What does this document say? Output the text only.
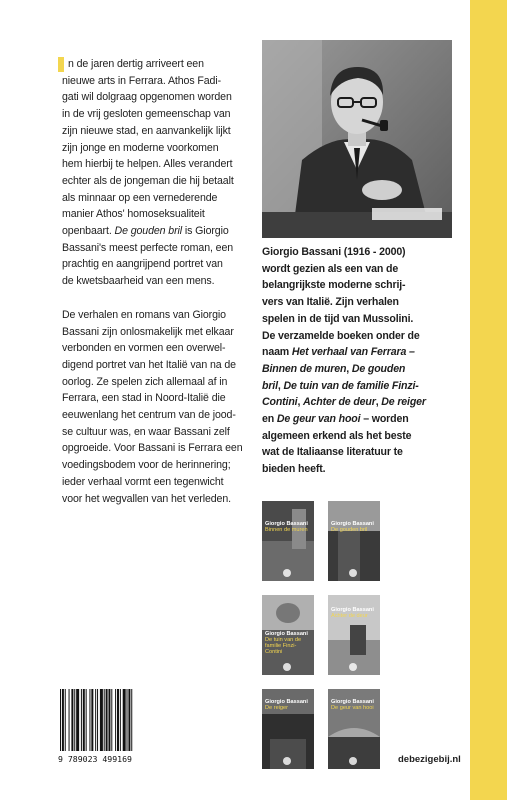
n de jaren dertig arriveert een
nieuwe arts in Ferrara. Athos Fadi-
gati wil dolgraag opgenomen worden
in de vrij gesloten gemeenschap van
zijn nieuwe stad, en aanvankelijk lijkt
zijn jonge en moderne voorkomen
hem hierbij te helpen. Alles verandert
echter als de jongeman die hij betaalt
als minnaar op een vernederende
manier Athos' homoseksualiteit
openbaart. De gouden bril is Giorgio
Bassani's meest perfecte roman, een
prachtig en aangrijpend portret van
de kwetsbaarheid van een mens.

De verhalen en romans van Giorgio
Bassani zijn onlosmakelijk met elkaar
verbonden en vormen een overwel-
digend portret van het Italië van na de
oorlog. Ze spelen zich allemaal af in
Ferrara, een stad in Noord-Italië die
eeuwenlang het centrum van de jood-
se cultuur was, en waar Bassani zelf
opgroeide. Voor Bassani is Ferrara een
voedingsbodem voor de herinnering;
ieder verhaal vormt een tegenwicht
voor het wegvallen van het verleden.

Giorgio Bassani (1916 - 2000)
wordt gezien als een van de
belangrijkste moderne schrij-
vers van Italië. Zijn verhalen
spelen in de tijd van Mussolini.
De verzamelde boeken onder de
naam Het verhaal van Ferrara –
Binnen de muren, De gouden
bril, De tuin van de familie Finzi-
Contini, Achter de deur, De reiger
en De geur van hooi – worden
algemeen erkend als het beste
wat de Italiaanse literatuur te
bieden heeft.
Giorgio Bassani
Binnen de muren
Giorgio Bassani
De gouden bril
Giorgio Bassani
De tuin van de familie Finzi-Contini
Giorgio Bassani
Achter de deur
Giorgio Bassani
De reiger
Giorgio Bassani
De geur van hooi
9 789023 499169	debezigebij.nl
